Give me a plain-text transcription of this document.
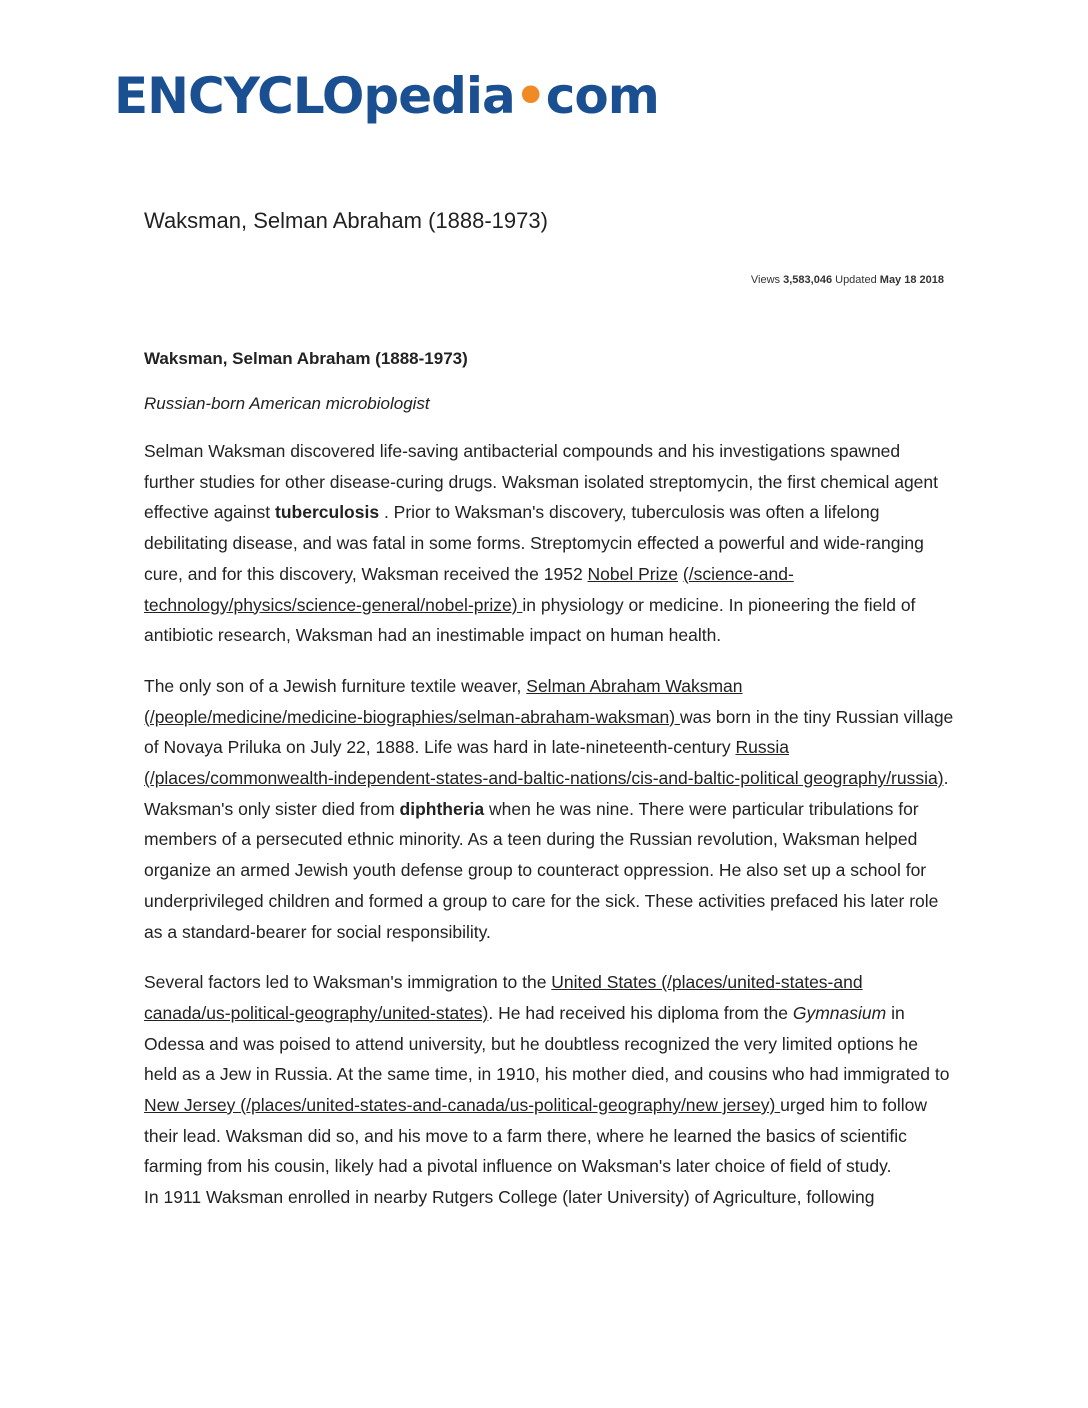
ENCYCLOpedia•com
Waksman, Selman Abraham (1888-1973)
Views 3,583,046 Updated May 18 2018
Waksman, Selman Abraham (1888-1973)
Russian-born American microbiologist

Selman Waksman discovered life-saving antibacterial compounds and his investigations spawned further studies for other disease-curing drugs. Waksman isolated streptomycin, the first chemical agent effective against tuberculosis . Prior to Waksman's discovery, tuberculosis was often a lifelong debilitating disease, and was fatal in some forms. Streptomycin effected a powerful and wide-ranging cure, and for this discovery, Waksman received the 1952 Nobel Prize (/science-and-technology/physics/science-general/nobel-prize) in physiology or medicine. In pioneering the field of antibiotic research, Waksman had an inestimable impact on human health.

The only son of a Jewish furniture textile weaver, Selman Abraham Waksman (/people/medicine/medicine-biographies/selman-abraham-waksman) was born in the tiny Russian village of Novaya Priluka on July 22, 1888. Life was hard in late-nineteenth-century Russia (/places/commonwealth-independent-states-and-baltic-nations/cis-and-baltic-political geography/russia). Waksman's only sister died from diphtheria when he was nine. There were particular tribulations for members of a persecuted ethnic minority. As a teen during the Russian revolution, Waksman helped organize an armed Jewish youth defense group to counteract oppression. He also set up a school for underprivileged children and formed a group to care for the sick. These activities prefaced his later role as a standard-bearer for social responsibility.

Several factors led to Waksman's immigration to the United States (/places/united-states-and canada/us-political-geography/united-states). He had received his diploma from the Gymnasium in Odessa and was poised to attend university, but he doubtless recognized the very limited options he held as a Jew in Russia. At the same time, in 1910, his mother died, and cousins who had immigrated to New Jersey (/places/united-states-and-canada/us-political-geography/new jersey) urged him to follow their lead. Waksman did so, and his move to a farm there, where he learned the basics of scientific farming from his cousin, likely had a pivotal influence on Waksman's later choice of field of study.

In 1911 Waksman enrolled in nearby Rutgers College (later University) of Agriculture, following
